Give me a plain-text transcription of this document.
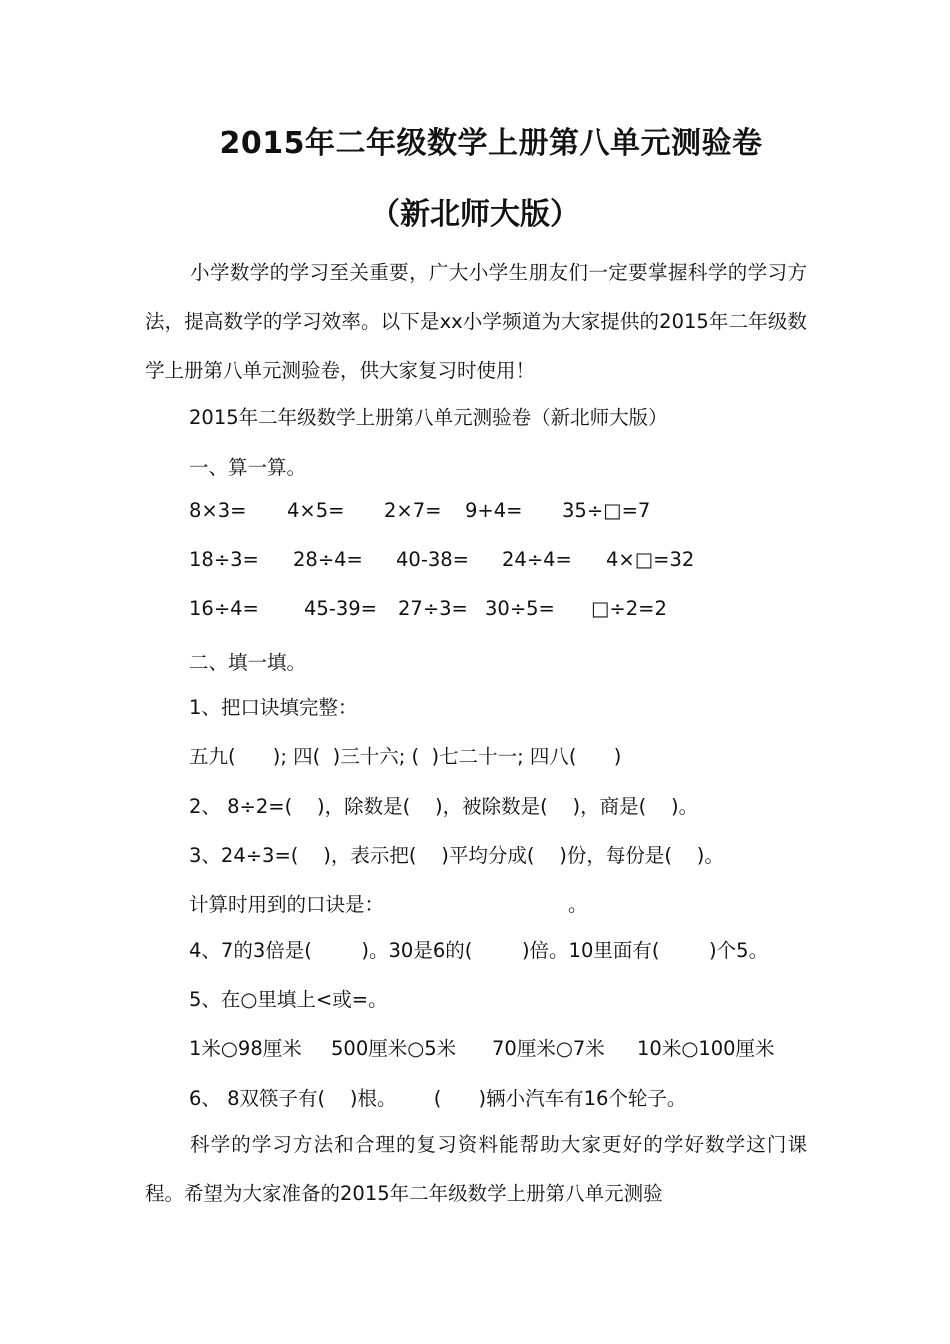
2015年二年级数学上册第八单元测验卷
（新北师大版）
小学数学的学习至关重要，广大小学生朋友们一定要掌握科学的学习方法，提高数学的学习效率。以下是xx小学频道为大家提供的2015年二年级数学上册第八单元测验卷，供大家复习时使用！
2015年二年级数学上册第八单元测验卷（新北师大版）
一、算一算。
8×3= 4×5= 2×7= 9+4= 35÷□=7
18÷3= 28÷4= 40-38= 24÷4= 4×□=32
16÷4= 45-39= 27÷3= 30÷5= □÷2=2
二、填一填。
1、把口诀填完整：
五九(      ); 四(  )三十六; (  )七二十一; 四八(      )
2、 8÷2=(    )，除数是(    )，被除数是(    )，商是(    )。
3、24÷3=(    )，表示把(    )平均分成(    )份，每份是(    )。
计算时用到的口诀是：	。
4、7的3倍是(        )。30是6的(        )倍。10里面有(        )个5。
5、在○里填上<或=。
1米○98厘米 500厘米○5米 70厘米○7米 10米○100厘米
6、 8双筷子有(    )根。      (      )辆小汽车有16个轮子。
科学的学习方法和合理的复习资料能帮助大家更好的学好数学这门课程。希望为大家准备的2015年二年级数学上册第八单元测验
